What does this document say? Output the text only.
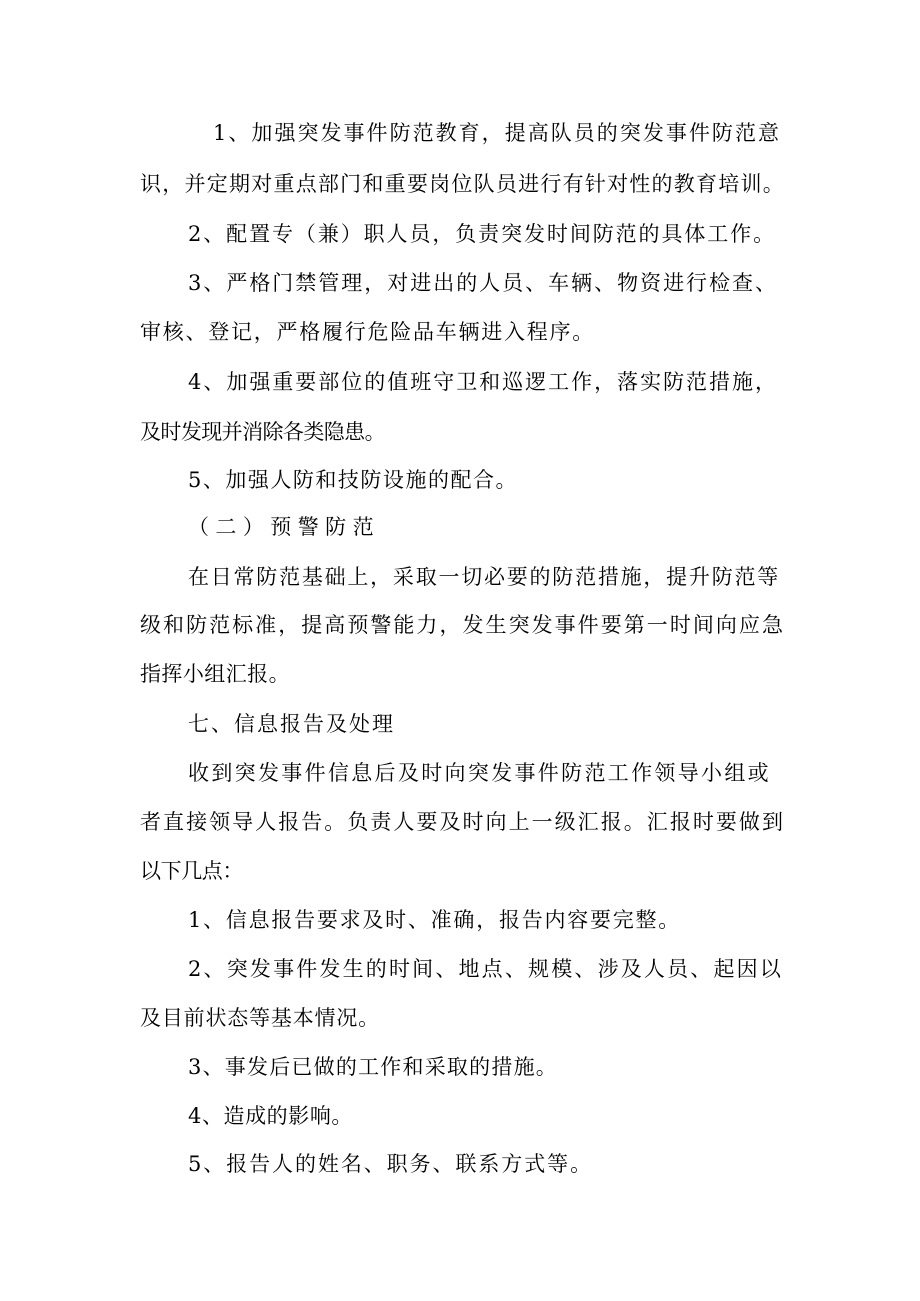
1、加强突发事件防范教育，提高队员的突发事件防范意
识，并定期对重点部门和重要岗位队员进行有针对性的教育培训。
2、配置专（兼）职人员，负责突发时间防范的具体工作。
3、严格门禁管理，对进出的人员、车辆、物资进行检查、
审核、登记，严格履行危险品车辆进入程序。
4、加强重要部位的值班守卫和巡逻工作，落实防范措施，
及时发现并消除各类隐患。
5、加强人防和技防设施的配合。
（二）预警防范
在日常防范基础上，采取一切必要的防范措施，提升防范等
级和防范标准，提高预警能力，发生突发事件要第一时间向应急
指挥小组汇报。
七、信息报告及处理
收到突发事件信息后及时向突发事件防范工作领导小组或
者直接领导人报告。负责人要及时向上一级汇报。汇报时要做到
以下几点：
1、信息报告要求及时、准确，报告内容要完整。
2、突发事件发生的时间、地点、规模、涉及人员、起因以
及目前状态等基本情况。
3、事发后已做的工作和采取的措施。
4、造成的影响。
5、报告人的姓名、职务、联系方式等。
